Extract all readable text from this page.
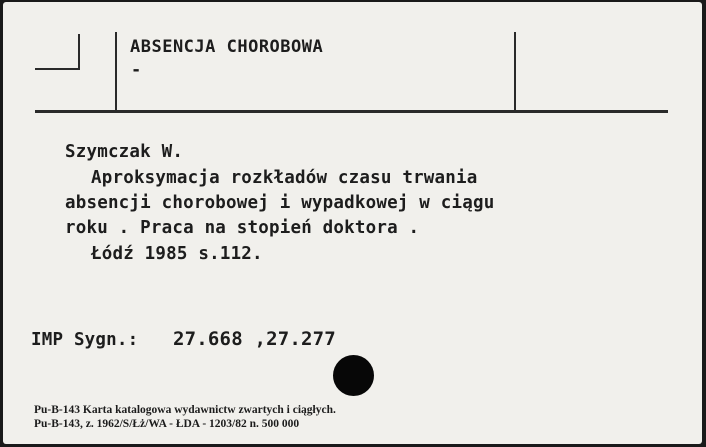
ABSENCJA CHOROBOWA
-
Szymczak W.
Aproksymacja rozkładów czasu trwania
absencji chorobowej i wypadkowej w ciągu
roku . Praca na stopień doktora .
Łódź 1985 s.112.
IMP Sygn.: 27.668 ,27.277
Pu-B-143 Karta katalogowa wydawnictw zwartych i ciągłych.
Pu-B-143, z. 1962/S/Łż/WA - ŁDA - 1203/82 n. 500 000
